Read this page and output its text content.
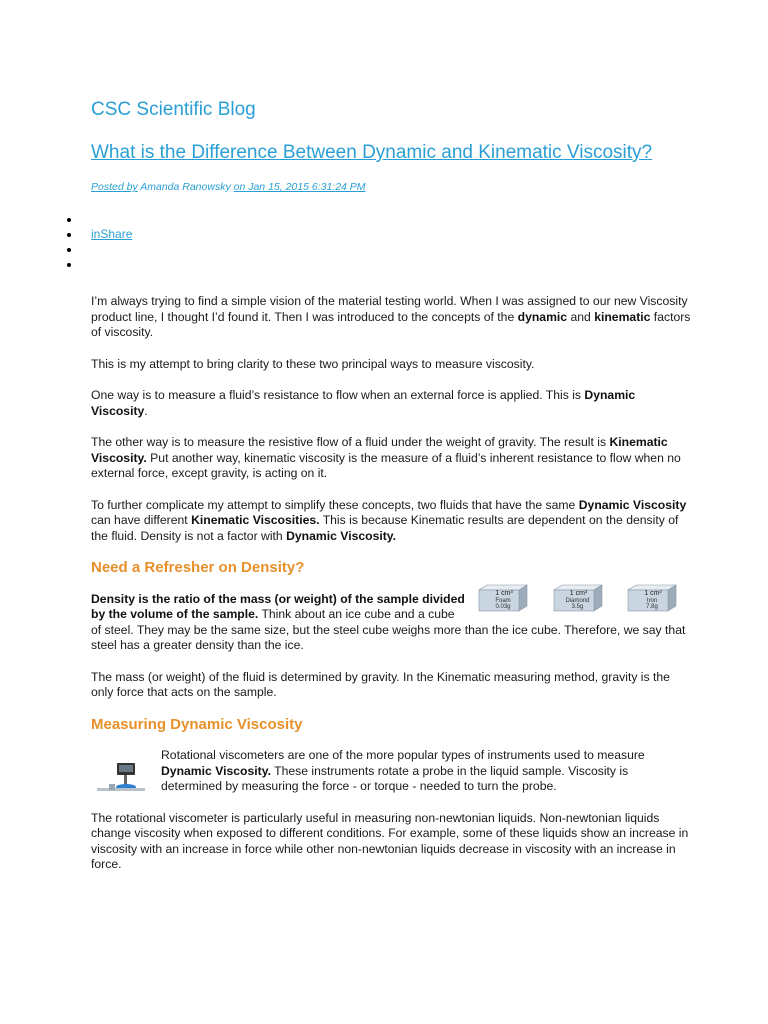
CSC Scientific Blog
What is the Difference Between Dynamic and Kinematic Viscosity?
Posted by Amanda Ranowsky on Jan 15, 2015 6:31:24 PM
inShare

I’m always trying to find a simple vision of the material testing world. When I was assigned to our new Viscosity product line, I thought I’d found it. Then I was introduced to the concepts of the dynamic and kinematic factors of viscosity.

This is my attempt to bring clarity to these two principal ways to measure viscosity.

One way is to measure a fluid’s resistance to flow when an external force is applied. This is Dynamic Viscosity.

The other way is to measure the resistive flow of a fluid under the weight of gravity. The result is Kinematic Viscosity. Put another way, kinematic viscosity is the measure of a fluid’s inherent resistance to flow when no external force, except gravity, is acting on it.

To further complicate my attempt to simplify these concepts, two fluids that have the same Dynamic Viscosity can have different Kinematic Viscosities. This is because Kinematic results are dependent on the density of the fluid. Density is not a factor with Dynamic Viscosity.

Need a Refresher on Density?
1 cm³
Foam
0.03g
1 cm³
Diamond
3.5g
1 cm³
Iron
7.8g

Density is the ratio of the mass (or weight) of the sample divided by the volume of the sample. Think about an ice cube and a cube of steel. They may be the same size, but the steel cube weighs more than the ice cube. Therefore, we say that steel has a greater density than the ice.

The mass (or weight) of the fluid is determined by gravity. In the Kinematic measuring method, gravity is the only force that acts on the sample.

Measuring Dynamic Viscosity

Rotational viscometers are one of the more popular types of instruments used to measure Dynamic Viscosity. These instruments rotate a probe in the liquid sample. Viscosity is determined by measuring the force - or torque - needed to turn the probe.

The rotational viscometer is particularly useful in measuring non-newtonian liquids. Non-newtonian liquids change viscosity when exposed to different conditions. For example, some of these liquids show an increase in viscosity with an increase in force while other non-newtonian liquids decrease in viscosity with an increase in force.
